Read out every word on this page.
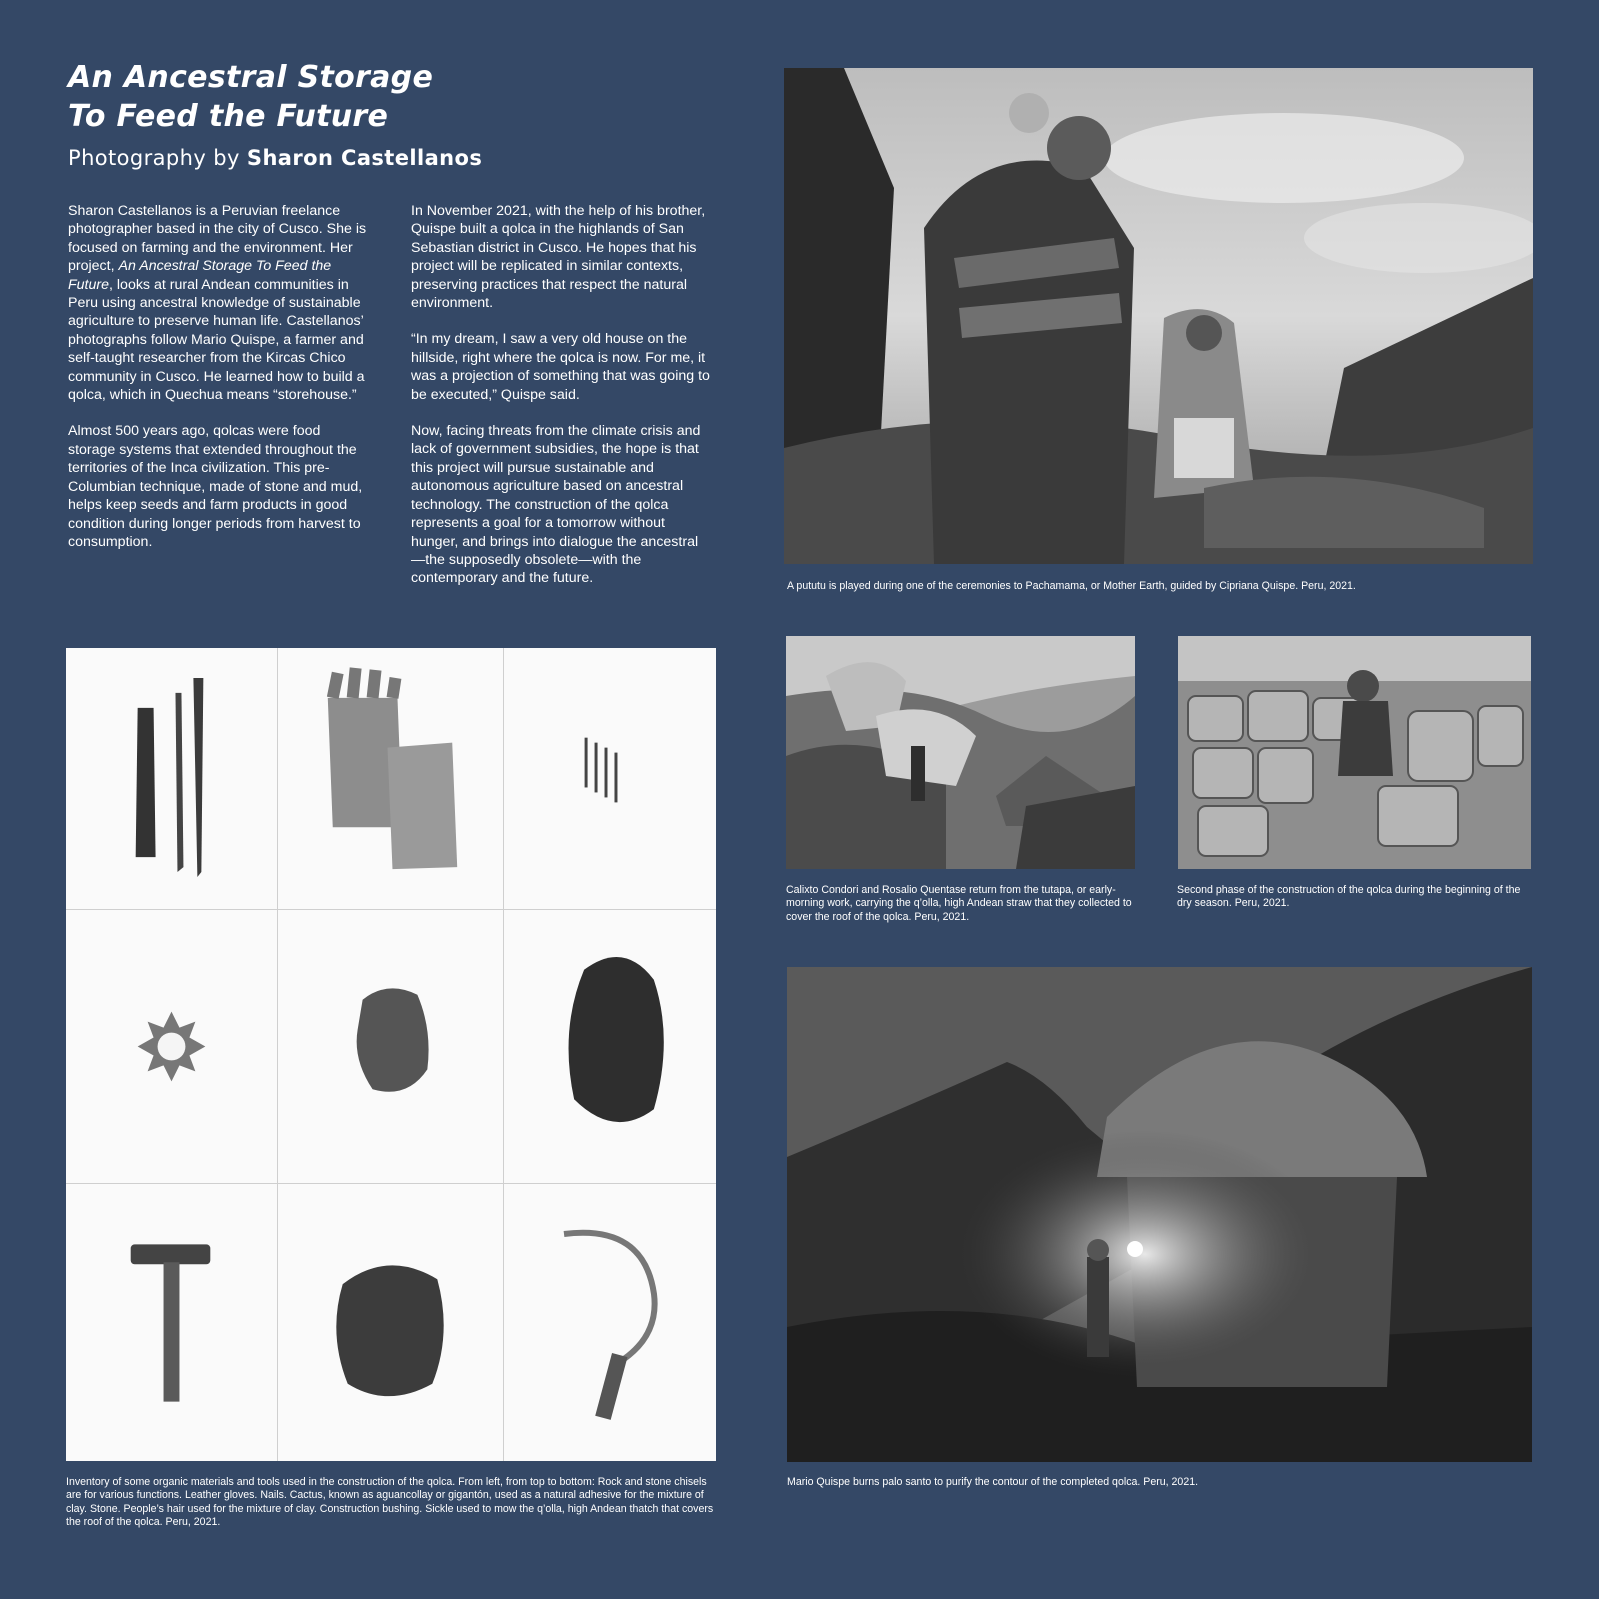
An Ancestral Storage
To Feed the Future
Photography by Sharon Castellanos

Sharon Castellanos is a Peruvian freelance photographer based in the city of Cusco. She is focused on farming and the environment. Her project, An Ancestral Storage To Feed the Future, looks at rural Andean communities in Peru using ancestral knowledge of sustainable agriculture to preserve human life. Castellanos’ photographs follow Mario Quispe, a farmer and self-taught researcher from the Kircas Chico community in Cusco. He learned how to build a qolca, which in Quechua means “storehouse.”

Almost 500 years ago, qolcas were food storage systems that extended throughout the territories of the Inca civilization. This pre-Columbian technique, made of stone and mud, helps keep seeds and farm products in good condition during longer periods from harvest to consumption.

In November 2021, with the help of his brother, Quispe built a qolca in the highlands of San Sebastian district in Cusco. He hopes that his project will be replicated in similar contexts, preserving practices that respect the natural environment.

“In my dream, I saw a very old house on the hillside, right where the qolca is now. For me, it was a projection of something that was going to be executed,” Quispe said.

Now, facing threats from the climate crisis and lack of government subsidies, the hope is that this project will pursue sustainable and autonomous agriculture based on ancestral technology. The construction of the qolca represents a goal for a tomorrow without hunger, and brings into dialogue the ancestral—the supposedly obsolete—with the contemporary and the future.	A pututu is played during one of the ceremonies to Pachamama, or Mother Earth, guided by Cipriana Quispe. Peru, 2021.
Calixto Condori and Rosalio Quentase return from the tutapa, or early-morning work, carrying the q’olla, high Andean straw that they collected to cover the roof of the qolca. Peru, 2021.
Second phase of the construction of the qolca during the beginning of the dry season. Peru, 2021.
Mario Quispe burns palo santo to purify the contour of the completed qolca. Peru, 2021.
Inventory of some organic materials and tools used in the construction of the qolca. From left, from top to bottom: Rock and stone chisels are for various functions. Leather gloves. Nails. Cactus, known as aguancollay or gigantón, used as a natural adhesive for the mixture of clay. Stone. People’s hair used for the mixture of clay. Construction bushing. Sickle used to mow the q’olla, high Andean thatch that covers the roof of the qolca. Peru, 2021.
